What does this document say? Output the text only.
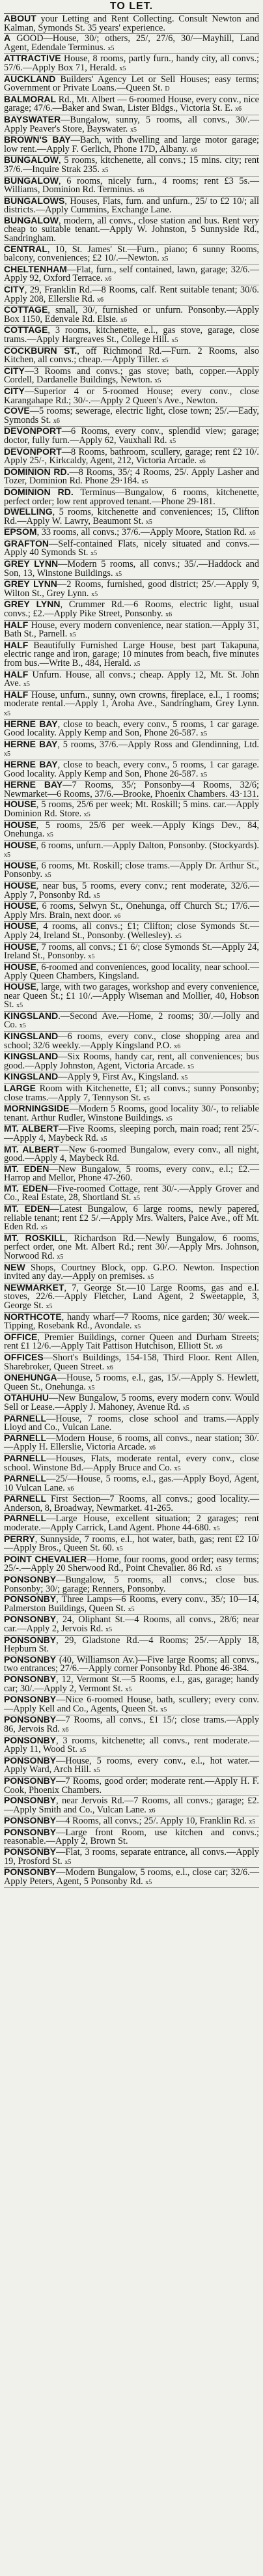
TO LET.
ABOUT your Letting and Rent Collecting. Consult Newton and Kalman, Symonds St. 35 years' experience.
A GOOD—House, 30/; others, 25/, 27/6, 30/—Mayhill, Land Agent, Edendale Terminus. x5
ATTRACTIVE House, 8 rooms, partly furn., handy city, all convs.; 57/6.—Apply Box 71, Herald. x5
AUCKLAND Builders' Agency Let or Sell Houses; easy terms; Government or Private Loans.—Queen St. D
BALMORAL Rd., Mt. Albert — 6-roomed House, every conv., nice garage; 47/6.—Baker and Swan, Lister Bldgs., Victoria St. E. x6
BAYSWATER—Bungalow, sunny, 5 rooms, all convs., 30/.—Apply Peaver's Store, Bayswater. x5
BROWN'S BAY—Bach, with dwelling and large motor garage; low rent.—Apply F. Gerlich, Phone 17D, Albany. x6
BUNGALOW, 5 rooms, kitchenette, all convs.; 15 mins. city; rent 37/6.—Inquire Strak 235. x5
BUNGALOW, 6 rooms, nicely furn., 4 rooms; rent £3 5s.—Williams, Dominion Rd. Terminus. x6
BUNGALOWS, Houses, Flats, furn. and unfurn., 25/ to £2 10/; all districts.—Apply Cummins, Exchange Lane.
BUNGALOW, modern, all convs., close station and bus. Rent very cheap to suitable tenant.—Apply W. Johnston, 5 Sunnyside Rd., Sandringham.
CENTRAL, 10, St. James' St.—Furn., piano; 6 sunny Rooms, balcony, conveniences; £2 10/.—Newton. x5
CHELTENHAM—Flat, furn., self contained, lawn, garage; 32/6.—Apply 92, Oxford Terrace. x6
CITY, 29, Franklin Rd.—8 Rooms, calf. Rent suitable tenant; 30/6. Apply 208, Ellerslie Rd. x6
COTTAGE, small, 30/, furnished or unfurn. Ponsonby.—Apply Box 1150, Edenvale Rd. Elsie. x6
COTTAGE, 3 rooms, kitchenette, e.l., gas stove, garage, close trams.—Apply Hargreaves St., College Hill. x5
COCKBURN ST., off Richmond Rd.—Furn. 2 Rooms, also Kitchen, all convs.; cheap.—Apply Tiller. x5
CITY—3 Rooms and convs.; gas stove; bath, copper.—Apply Cordell, Dardanelle Buildings, Newton. x5
CITY—Superior 4 or 5-roomed House; every conv., close Karangahape Rd.; 30/-.—Apply 2 Queen's Ave., Newton.
COVE—5 rooms; sewerage, electric light, close town; 25/.—Eady, Symonds St. x6
DEVONPORT—6 Rooms, every conv., splendid view; garage; doctor, fully furn.—Apply 62, Vauxhall Rd. x5
DEVONPORT—8 Rooms, bathroom, scullery, garage; rent £2 10/. Apply 25/-, Kirkcaldy, Agent, 212, Victoria Arcade. x6
DOMINION RD.—8 Rooms, 35/; 4 Rooms, 25/. Apply Lasher and Tozer, Dominion Rd. Phone 29·184. x5
DOMINION RD. Terminus—Bungalow, 6 rooms, kitchenette, perfect order; low rent approved tenant.—Phone 29-181.
DWELLING, 5 rooms, kitchenette and conveniences; 15, Clifton Rd.—Apply W. Lawry, Beaumont St. x5
EPSOM, 33 rooms, all convs.; 37/6.—Apply Moore, Station Rd. x6
GRAFTON—Self-contained Flats, nicely situated and convs.—Apply 40 Symonds St. x5
GREY LYNN—Modern 5 rooms, all convs.; 35/.—Haddock and Son, 13, Winstone Buildings. x5
GREY LYNN—2 Rooms, furnished, good district; 25/.—Apply 9, Wilton St., Grey Lynn. x5
GREY LYNN, Crummer Rd.—6 Rooms, electric light, usual convs.; £2.—Apply Pike Street, Ponsonby. x6
HALF House, every modern convenience, near station.—Apply 31, Bath St., Parnell. x5
HALF Beautifully Furnished Large House, best part Takapuna, electric range and iron, garage; 10 minutes from beach, five minutes from bus.—Write B., 484, Herald. x5
HALF Unfurn. House, all convs.; cheap. Apply 12, Mt. St. John Ave. x5
HALF House, unfurn., sunny, own crowns, fireplace, e.l., 1 rooms; moderate rental.—Apply 1, Aroha Ave., Sandringham, Grey Lynn. x5
HERNE BAY, close to beach, every conv., 5 rooms, 1 car garage. Good locality. Apply Kemp and Son, Phone 26-587. x5
HERNE BAY, 5 rooms, 37/6.—Apply Ross and Glendinning, Ltd. x5
HERNE BAY, close to beach, every conv., 5 rooms, 1 car garage. Good locality. Apply Kemp and Son, Phone 26-587. x5
HERNE BAY—7 Rooms, 35/; Ponsonby—4 Rooms, 32/6; Newmarket—6 Rooms, 37/6.—Brooke, Phoenix Chambers. 43·131.
HOUSE, 5 rooms, 25/6 per week; Mt. Roskill; 5 mins. car.—Apply Dominion Rd. Store. x5
HOUSE, 5 rooms, 25/6 per week.—Apply Kings Dev., 84, Onehunga. x5
HOUSE, 6 rooms, unfurn.—Apply Dalton, Ponsonby. (Stockyards). x5
HOUSE, 6 rooms, Mt. Roskill; close trams.—Apply Dr. Arthur St., Ponsonby. x5
HOUSE, near bus, 5 rooms, every conv.; rent moderate, 32/6.—Apply 7, Ponsonby Rd. x5
HOUSE, 6 rooms, Selwyn St., Onehunga, off Church St.; 17/6.—Apply Mrs. Brain, next door. x6
HOUSE, 4 rooms, all convs.; £1; Clifton; close Symonds St.—Apply 24, Ireland St., Ponsonby. (Wellesley). x5
HOUSE, 7 rooms, all convs.; £1 6/; close Symonds St.—Apply 24, Ireland St., Ponsonby. x5
HOUSE, 6-roomed and conveniences, good locality, near school.—Apply Queen Chambers, Kingsland.
HOUSE, large, with two garages, workshop and every convenience, near Queen St.; £1 10/.—Apply Wiseman and Mollier, 40, Hobson St. x5
KINGSLAND.—Second Ave.—Home, 2 rooms; 30/.—Jolly and Co. x5
KINGSLAND—6 rooms, every conv., close shopping area and school; 32/6 weekly.—Apply Kingsland P.O. x6
KINGSLAND—Six Rooms, handy car, rent, all conveniences; bus good.—Apply Johnston, Agent, Victoria Arcade. x5
KINGSLAND—Apply 9, First Av., Kingsland. x5
LARGE Room with Kitchenette, £1; all convs.; sunny Ponsonby; close trams.—Apply 7, Tennyson St. x5
MORNINGSIDE—Modern 5 Rooms, good locality 30/-, to reliable tenant. Arthur Rudler, Winstone Buildings. x5
MT. ALBERT—Five Rooms, sleeping porch, main road; rent 25/-.—Apply 4, Maybeck Rd. x5
MT. ALBERT—New 6-roomed Bungalow, every conv., all night, good.—Apply 4, Maybeck Rd.
MT. EDEN—New Bungalow, 5 rooms, every conv., e.l.; £2.—Harrop and Mellor, Phone 47-260.
MT. EDEN—Five-roomed Cottage, rent 30/-.—Apply Grover and Co., Real Estate, 28, Shortland St. x5
MT. EDEN—Latest Bungalow, 6 large rooms, newly papered, reliable tenant; rent £2 5/.—Apply Mrs. Walters, Paice Ave., off Mt. Eden Rd. x5
MT. ROSKILL, Richardson Rd.—Newly Bungalow, 6 rooms, perfect order, one Mt. Albert Rd.; rent 30/.—Apply Mrs. Johnson, Norwood Rd. x5
NEW Shops, Courtney Block, opp. G.P.O. Newton. Inspection invited any day.—Apply on premises. x5
NEWMARKET, 7, George St.—10 Large Rooms, gas and e.l. stoves, 22/6.—Apply Fletcher, Land Agent, 2 Sweetapple, 3, George St. x5
NORTHCOTE, handy wharf—7 Rooms, nice garden; 30/ week.—Tipping, Rosebank Rd., Avondale. x5
OFFICE, Premier Buildings, corner Queen and Durham Streets; rent £1 12/6.—Apply Tait Pattison Hutchison, Elliott St. x6
OFFICES—Short's Buildings, 154-158, Third Floor. Rent Allen, Sharebroker, Queen Street. x6
ONEHUNGA—House, 5 rooms, e.l., gas, 15/.—Apply S. Hewlett, Queen St., Onehunga. x5
OTAHUHU—New Bungalow, 5 rooms, every modern conv. Would Sell or Lease.—Apply J. Mahoney, Avenue Rd. x5
PARNELL—House, 7 rooms, close school and trams.—Apply Lloyd and Co., Vulcan Lane.
PARNELL—Modern House, 6 rooms, all convs., near station; 30/.—Apply H. Ellerslie, Victoria Arcade. x6
PARNELL—Houses, Flats, moderate rental, every conv., close school. Winstone Bd.—Apply Bruce and Co. x5
PARNELL—25/—House, 5 rooms, e.l., gas.—Apply Boyd, Agent, 10 Vulcan Lane. x6
PARNELL First Section—7 Rooms, all convs.; good locality.—Anderson, 8, Broadway, Newmarket. 41-265.
PARNELL—Large House, excellent situation; 2 garages; rent moderate.—Apply Carrick, Land Agent. Phone 44-680. x5
PERRY, Sunnyside, 7 rooms, e.l., hot water, bath, gas; rent £2 10/—Apply Bros., Queen St. 60. x5
POINT CHEVALIER—Home, four rooms, good order; easy terms; 25/-.—Apply 20 Sherwood Rd., Point Chevalier. 86 Rd. x5
PONSONBY—Bungalow, 5 rooms, all convs.; close bus. Ponsonby; 30/; garage; Renners, Ponsonby.
PONSONBY, Three Lamps—6 Rooms, every conv., 35/; 10—14, Palmerston Buildings, Queen St. x5
PONSONBY, 24, Oliphant St.—4 Rooms, all convs., 28/6; near car.—Apply 2, Jervois Rd. x5
PONSONBY, 29, Gladstone Rd.—4 Rooms; 25/.—Apply 18, Hepburn St.
PONSONBY (40, Williamson Av.)—Five large Rooms; all convs., two entrances; 27/6.—Apply corner Ponsonby Rd. Phone 46-384.
PONSONBY, 12, Vermont St.—5 Rooms, e.l., gas, garage; handy car; 30/.—Apply 2, Vermont St. x5
PONSONBY—Nice 6-roomed House, bath, scullery; every conv.—Apply Kell and Co., Agents, Queen St. x5
PONSONBY—7 Rooms, all convs., £1 15/; close trams.—Apply 86, Jervois Rd. x6
PONSONBY, 3 rooms, kitchenette; all convs., rent moderate.—Apply 11, Wood St. x5
PONSONBY—House, 5 rooms, every conv., e.l., hot water.—Apply Ward, Arch Hill. x5
PONSONBY—7 Rooms, good order; moderate rent.—Apply H. F. Cook, Phoenix Chambers.
PONSONBY, near Jervois Rd.—7 Rooms, all convs.; garage; £2.—Apply Smith and Co., Vulcan Lane. x6
PONSONBY—4 Rooms, all convs.; 25/. Apply 10, Franklin Rd. x5
PONSONBY—Large front Room, use kitchen and convs.; reasonable.—Apply 2, Brown St.
PONSONBY—Flat, 3 rooms, separate entrance, all convs.—Apply 19, Prosford St. x5
PONSONBY—Modern Bungalow, 5 rooms, e.l., close car; 32/6.—Apply Peters, Agent, 5 Ponsonby Rd. x5
